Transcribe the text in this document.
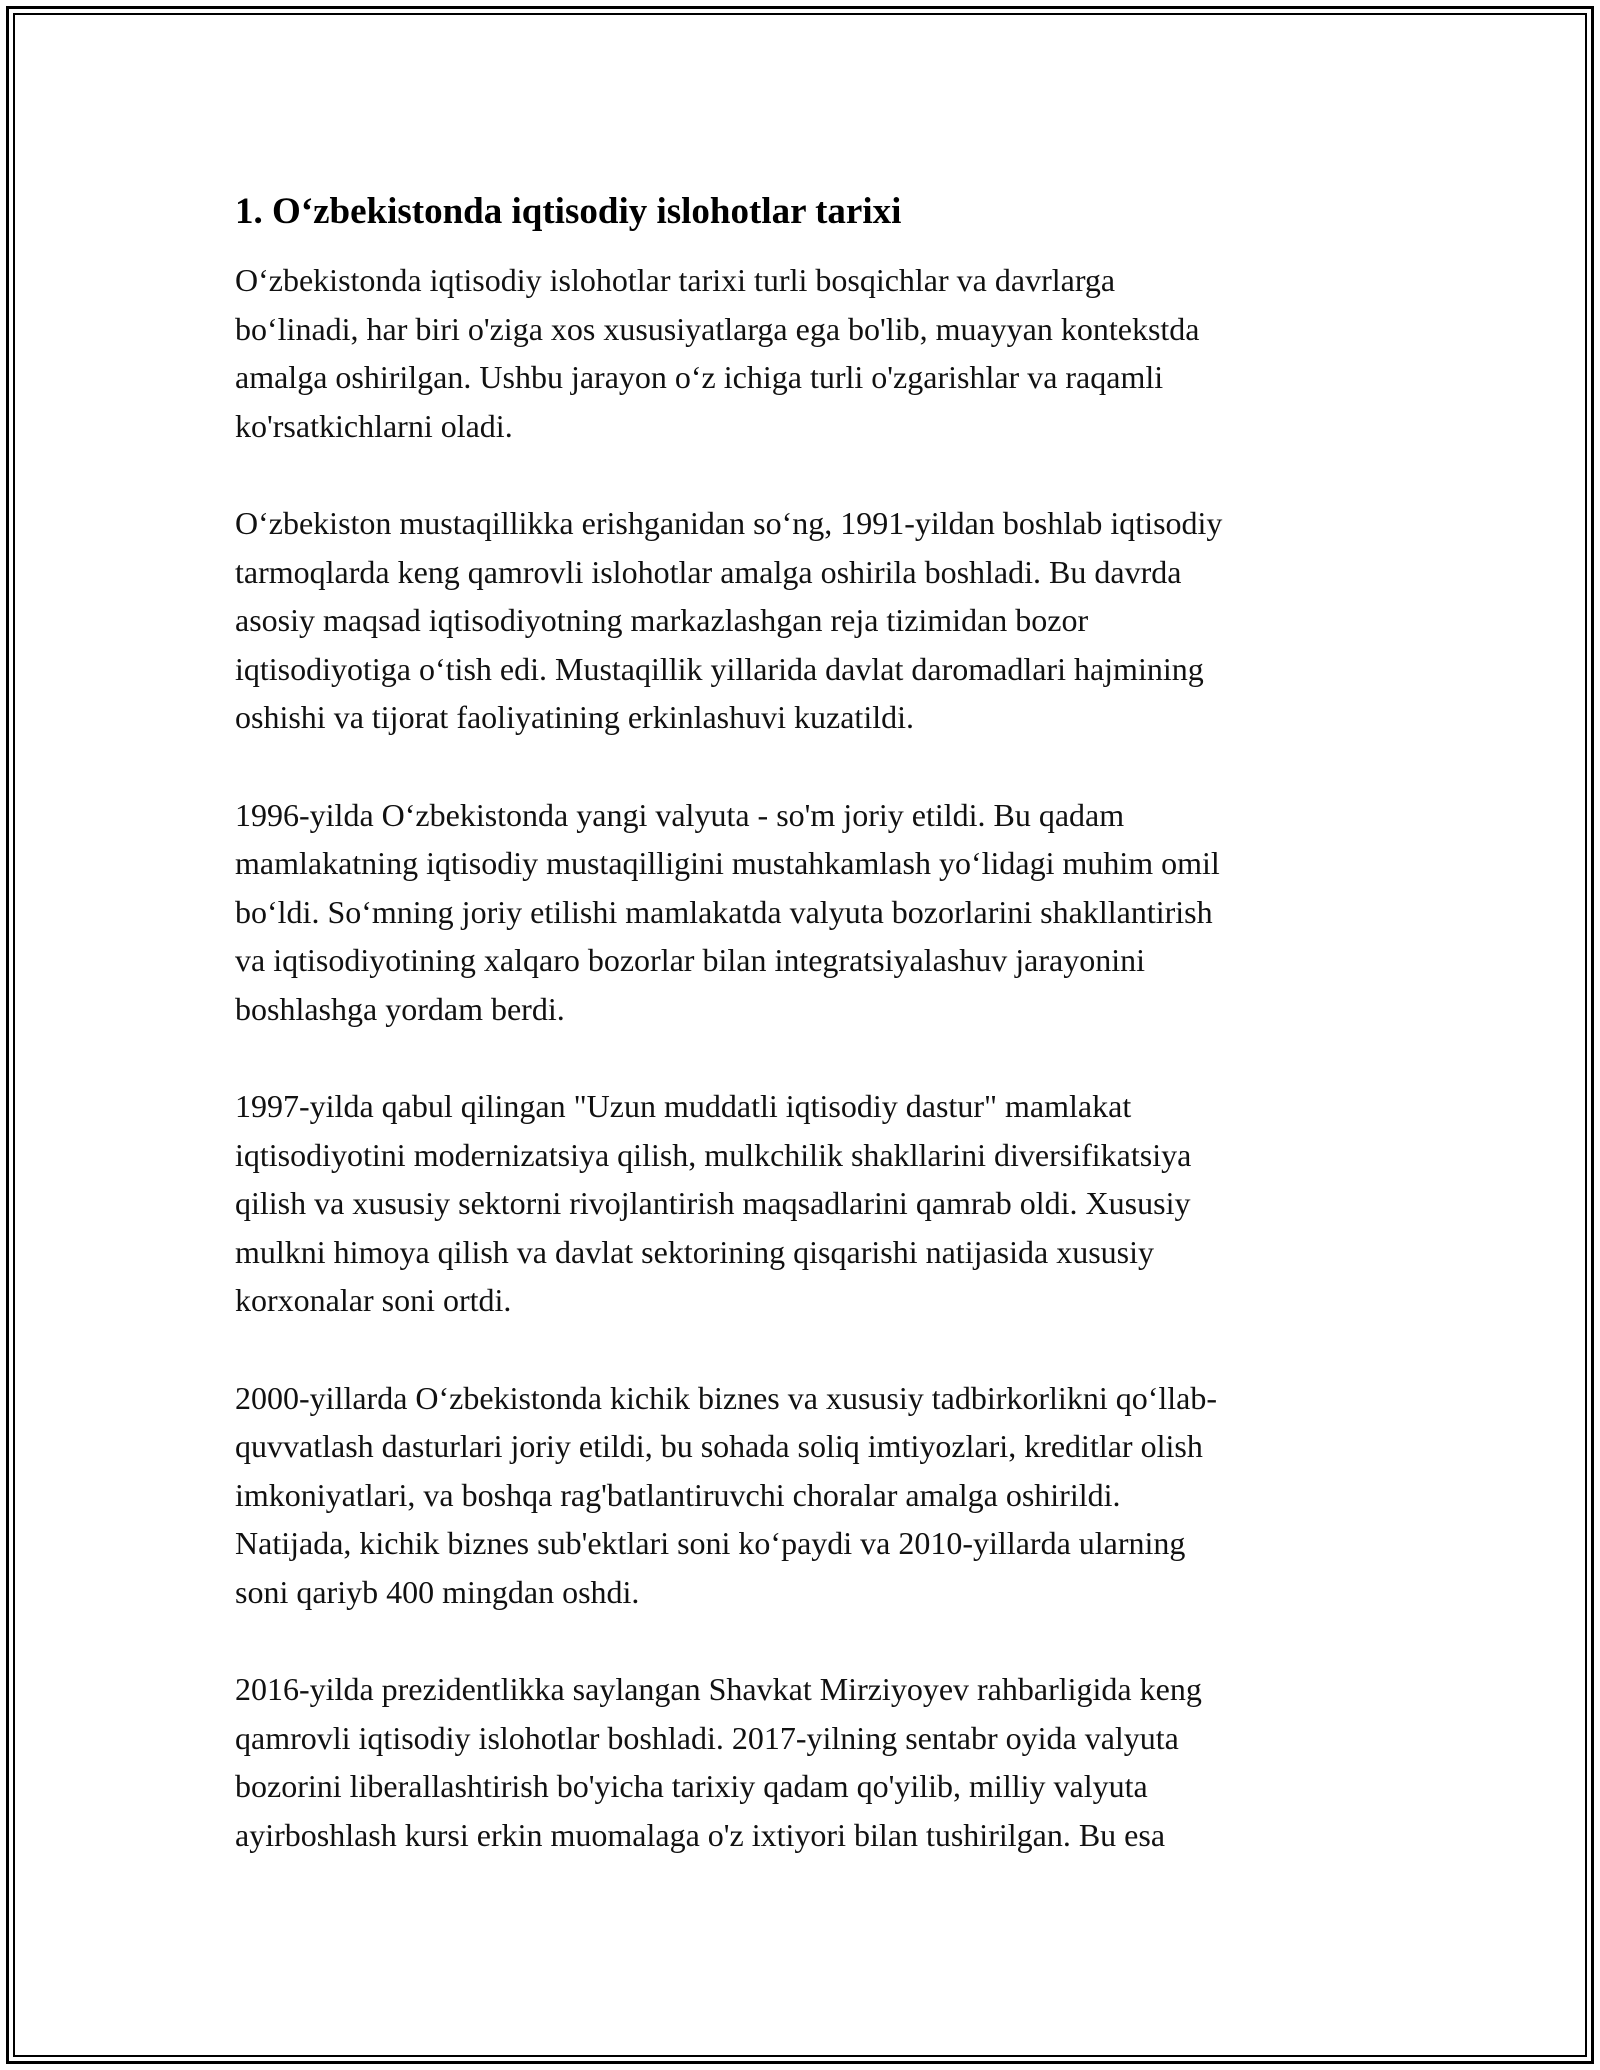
1. O‘zbekistonda iqtisodiy islohotlar tarixi

O‘zbekistonda iqtisodiy islohotlar tarixi turli bosqichlar va davrlarga
bo‘linadi, har biri o'ziga xos xususiyatlarga ega bo'lib, muayyan kontekstda
amalga oshirilgan. Ushbu jarayon o‘z ichiga turli o'zgarishlar va raqamli
ko'rsatkichlarni oladi.

O‘zbekiston mustaqillikka erishganidan so‘ng, 1991-yildan boshlab iqtisodiy
tarmoqlarda keng qamrovli islohotlar amalga oshirila boshladi. Bu davrda
asosiy maqsad iqtisodiyotning markazlashgan reja tizimidan bozor
iqtisodiyotiga o‘tish edi. Mustaqillik yillarida davlat daromadlari hajmining
oshishi va tijorat faoliyatining erkinlashuvi kuzatildi.

1996-yilda O‘zbekistonda yangi valyuta - so'm joriy etildi. Bu qadam
mamlakatning iqtisodiy mustaqilligini mustahkamlash yo‘lidagi muhim omil
bo‘ldi. So‘mning joriy etilishi mamlakatda valyuta bozorlarini shakllantirish
va iqtisodiyotining xalqaro bozorlar bilan integratsiyalashuv jarayonini
boshlashga yordam berdi.

1997-yilda qabul qilingan "Uzun muddatli iqtisodiy dastur" mamlakat
iqtisodiyotini modernizatsiya qilish, mulkchilik shakllarini diversifikatsiya
qilish va xususiy sektorni rivojlantirish maqsadlarini qamrab oldi. Xususiy
mulkni himoya qilish va davlat sektorining qisqarishi natijasida xususiy
korxonalar soni ortdi.

2000-yillarda O‘zbekistonda kichik biznes va xususiy tadbirkorlikni qo‘llab-
quvvatlash dasturlari joriy etildi, bu sohada soliq imtiyozlari, kreditlar olish
imkoniyatlari, va boshqa rag'batlantiruvchi choralar amalga oshirildi.
Natijada, kichik biznes sub'ektlari soni ko‘paydi va 2010-yillarda ularning
soni qariyb 400 mingdan oshdi.

2016-yilda prezidentlikka saylangan Shavkat Mirziyoyev rahbarligida keng
qamrovli iqtisodiy islohotlar boshladi. 2017-yilning sentabr oyida valyuta
bozorini liberallashtirish bo'yicha tarixiy qadam qo'yilib, milliy valyuta
ayirboshlash kursi erkin muomalaga o'z ixtiyori bilan tushirilgan. Bu esa
